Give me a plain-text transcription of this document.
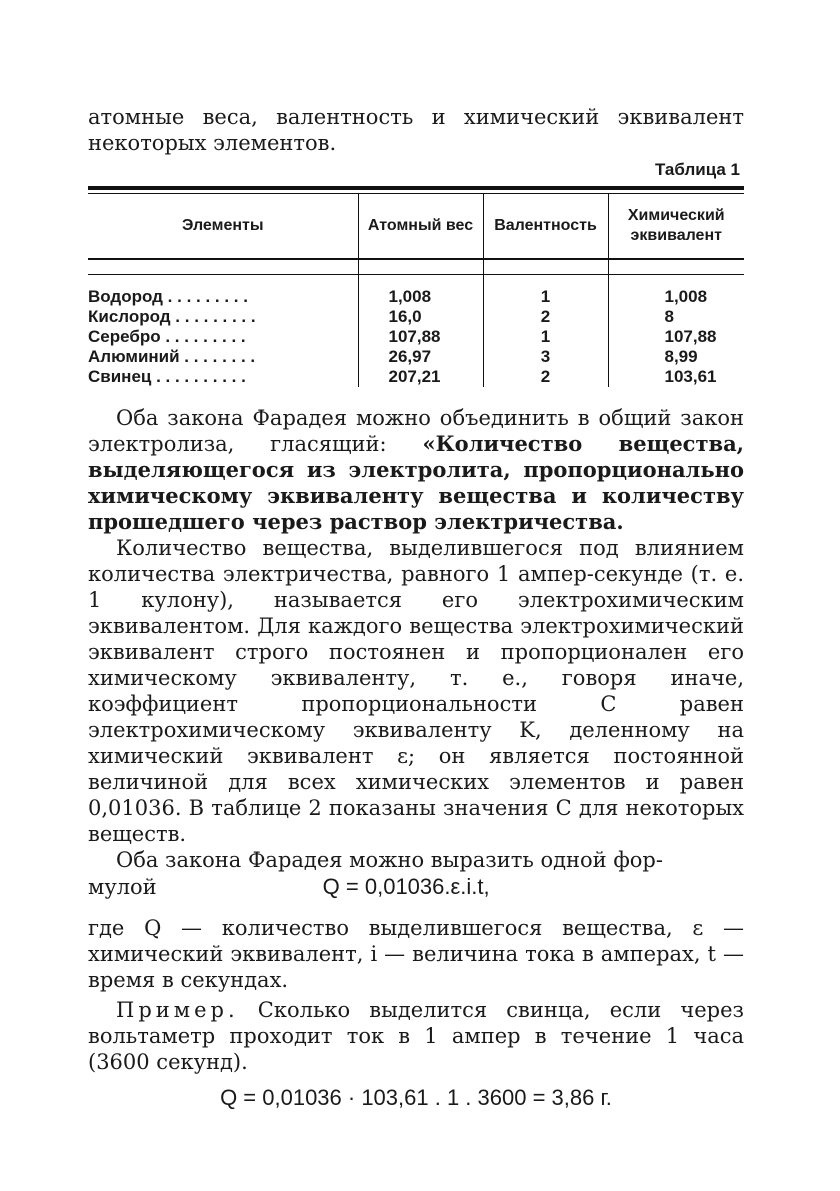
атомные веса, валентность и химический эквивалент некоторых элементов.

Таблица 1
Элементы	Атомный вес	Валентность	Химический эквивалент

Водород . . . . . . . . .	1,008	1	1,008
Кислород . . . . . . . . .	16,0	2	8
Серебро . . . . . . . . .	107,88	1	107,88
Алюминий . . . . . . . .	26,97	3	8,99
Свинец . . . . . . . . . .	207,21	2	103,61

Оба закона Фарадея можно объединить в общий закон электролиза, гласящий: «Количество вещества, выделяющегося из электролита, пропорционально химическому эквиваленту вещества и количеству прошедшего через раствор электричества.

Количество вещества, выделившегося под влиянием количества электричества, равного 1 ампер-секунде (т. е. 1 кулону), называется его электрохимическим эквивалентом. Для каждого вещества электрохимический эквивалент строго постоянен и пропорционален его химическому эквиваленту, т. е., говоря иначе, коэффициент пропорциональности C равен электрохимическому эквиваленту K, деленному на химический эквивалент ε; он является постоянной величиной для всех химических элементов и равен 0,01036. В таблице 2 показаны значения C для некоторых веществ.

Оба закона Фарадея можно выразить одной фор-

мулой	Q = 0,01036.ε.i.t,

где Q — количество выделившегося вещества, ε — химический эквивалент, i — величина тока в амперах, t — время в секундах.

Пример. Сколько выделится свинца, если через вольтаметр проходит ток в 1 ампер в течение 1 часа (3600 секунд).

Q = 0,01036 · 103,61 . 1 . 3600 = 3,86 г.
